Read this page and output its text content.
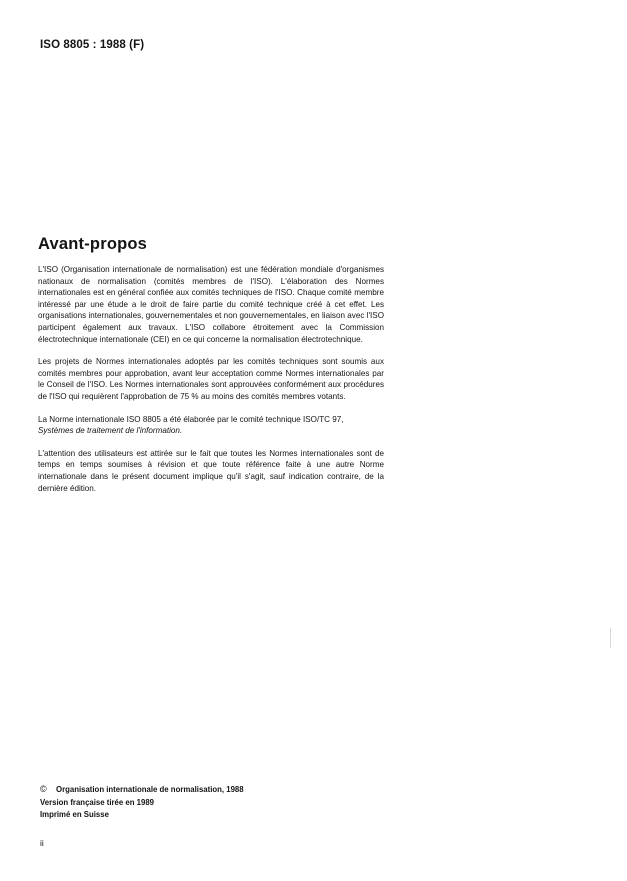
ISO 8805 : 1988 (F)
Avant-propos

L'ISO (Organisation internationale de normalisation) est une fédération mondiale d'organismes nationaux de normalisation (comités membres de l'ISO). L'élaboration des Normes internationales est en général confiée aux comités techniques de l'ISO. Chaque comité membre intéressé par une étude a le droit de faire partie du comité technique créé à cet effet. Les organisations internationales, gouvernementales et non gouvernementales, en liaison avec l'ISO participent également aux travaux. L'ISO collabore étroitement avec la Commission électrotechnique internationale (CEI) en ce qui concerne la normalisation électrotechnique.

Les projets de Normes internationales adoptés par les comités techniques sont soumis aux comités membres pour approbation, avant leur acceptation comme Normes internationales par le Conseil de l'ISO. Les Normes internationales sont approuvées conformément aux procédures de l'ISO qui requièrent l'approbation de 75 % au moins des comités membres votants.

La Norme internationale ISO 8805 a été élaborée par le comité technique ISO/TC 97,
Systèmes de traitement de l'information.

L'attention des utilisateurs est attirée sur le fait que toutes les Normes internationales sont de temps en temps soumises à révision et que toute référence faite à une autre Norme internationale dans le présent document implique qu'il s'agit, sauf indication contraire, de la dernière édition.

© Organisation internationale de normalisation, 1988
Version française tirée en 1989
Imprimé en Suisse
ii
